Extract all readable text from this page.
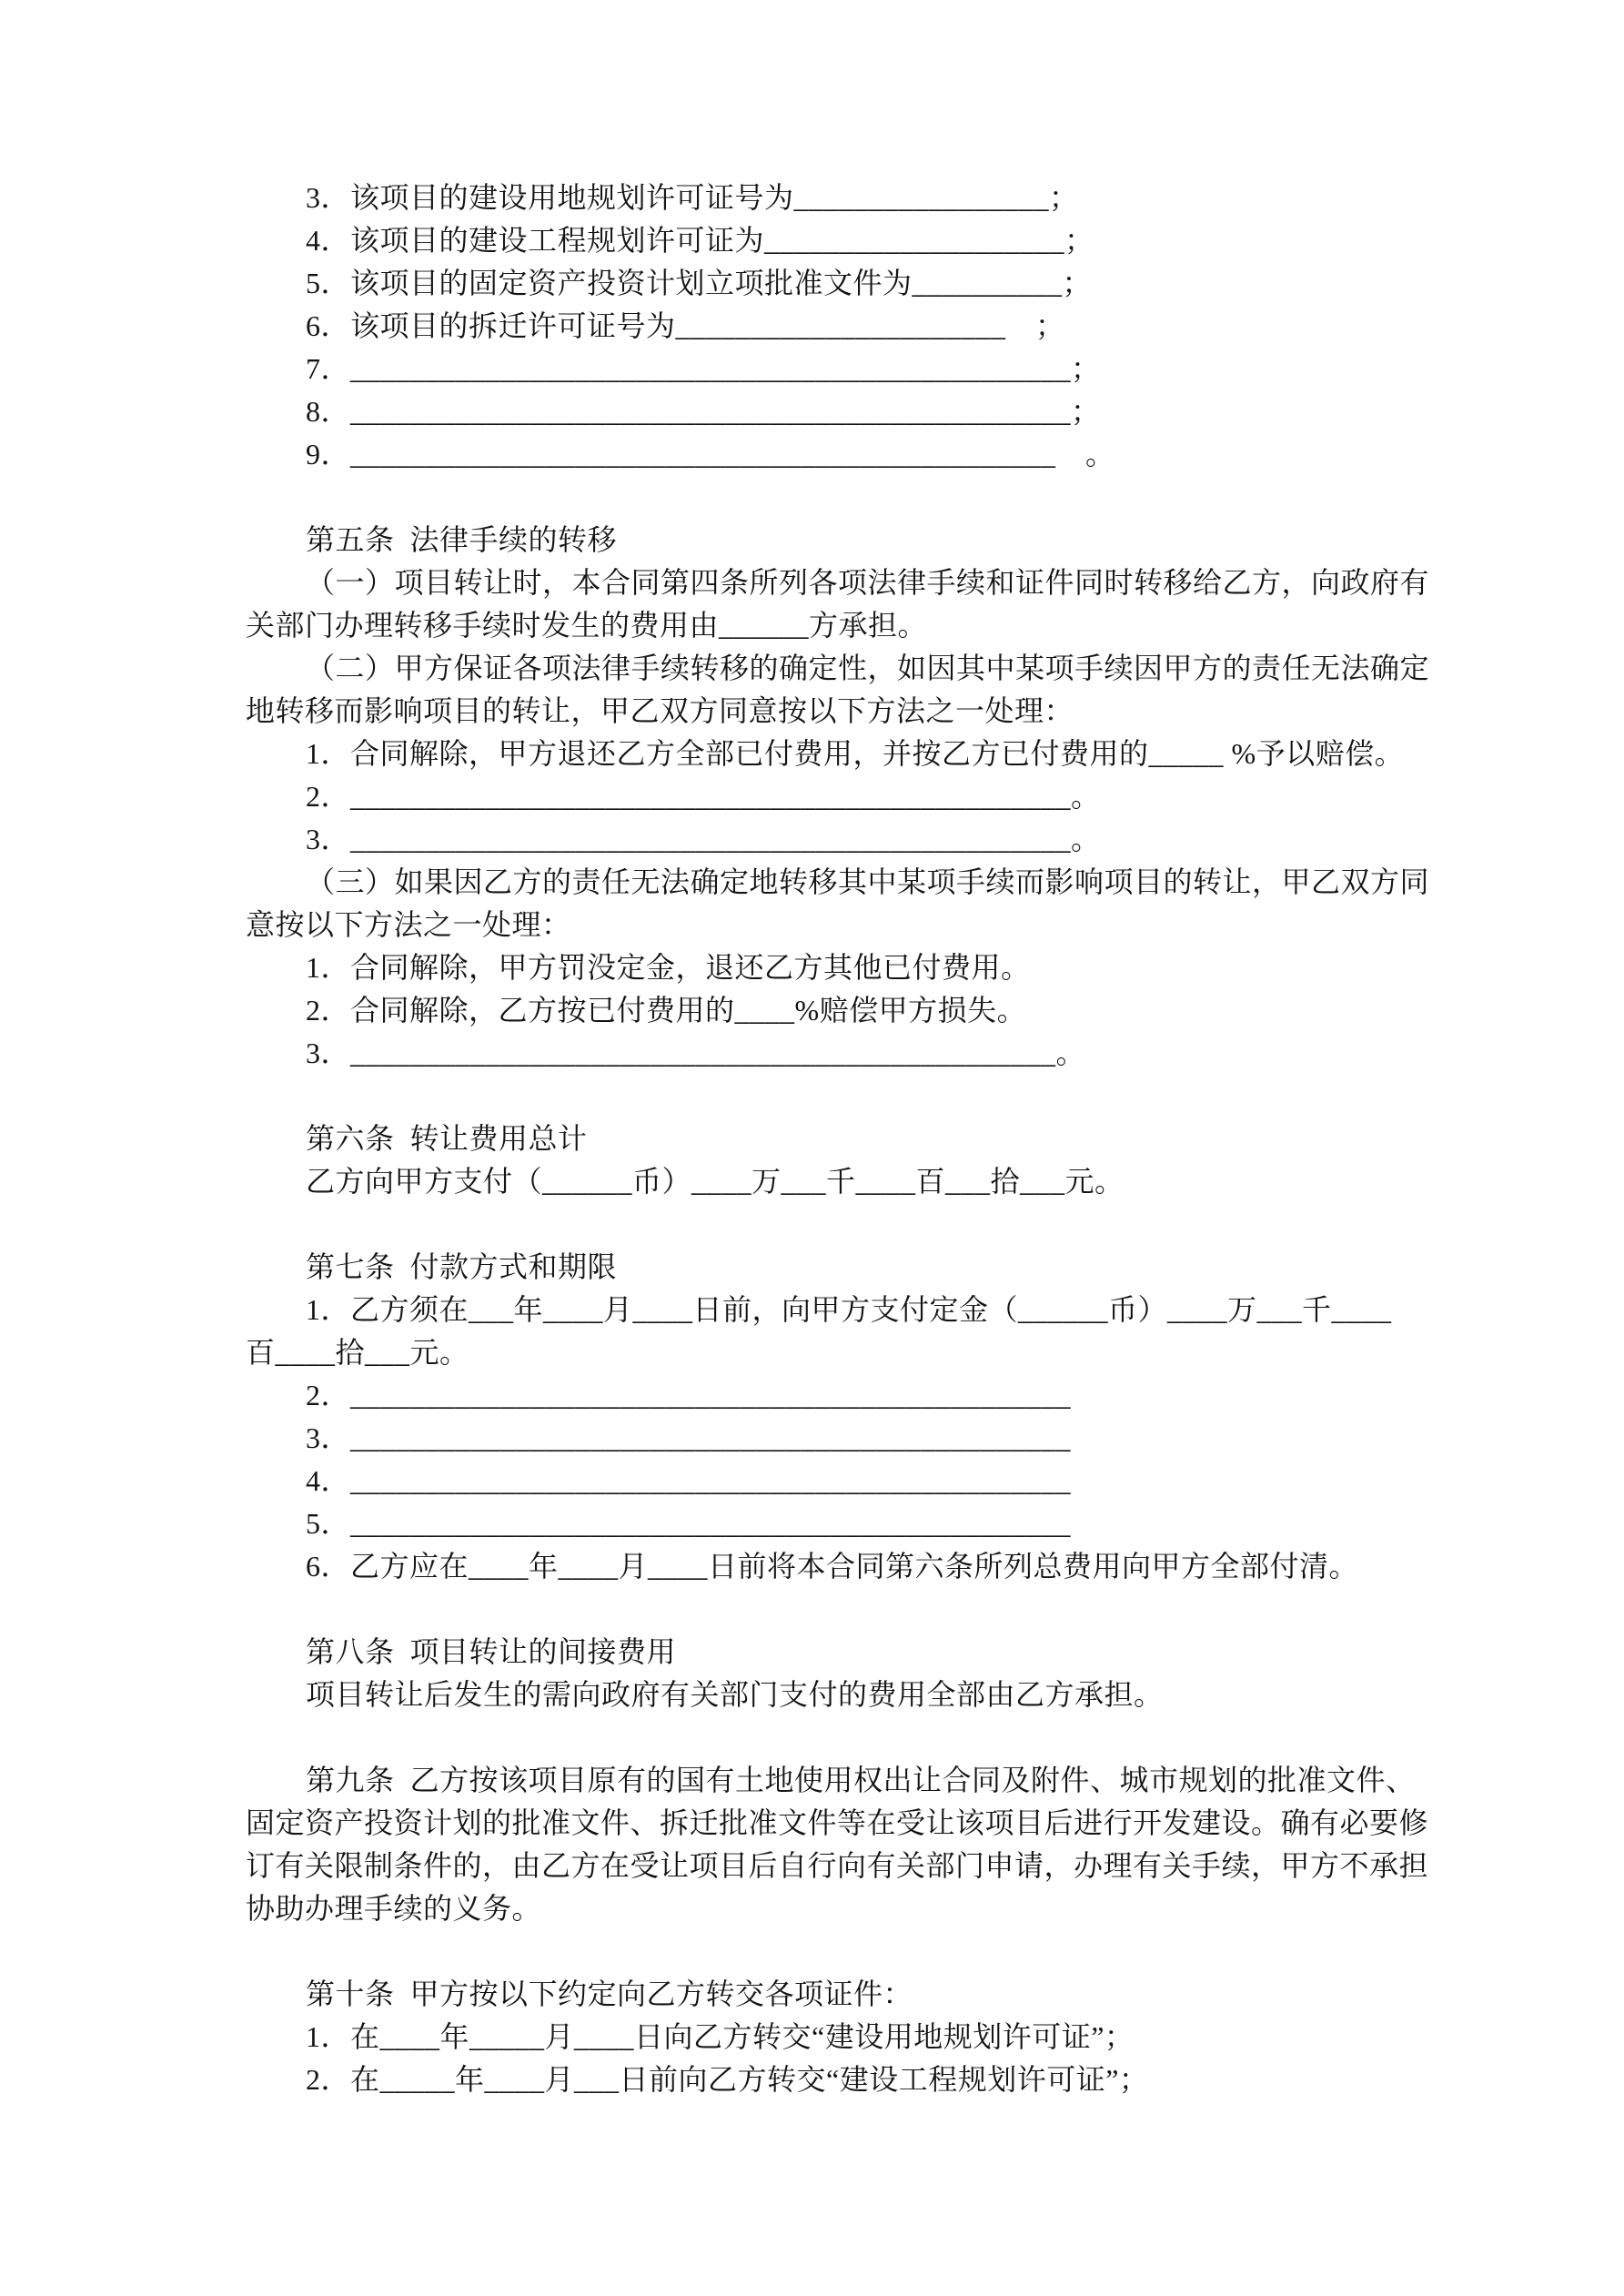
3．该项目的建设用地规划许可证号为_________________；
4．该项目的建设工程规划许可证为____________________；
5．该项目的固定资产投资计划立项批准文件为__________；
6．该项目的拆迁许可证号为______________________　；
7．________________________________________________；
8．________________________________________________；
9．_______________________________________________　。
第五条  法律手续的转移
（一）项目转让时，本合同第四条所列各项法律手续和证件同时转移给乙方，向政府有
关部门办理转移手续时发生的费用由______方承担。
（二）甲方保证各项法律手续转移的确定性，如因其中某项手续因甲方的责任无法确定
地转移而影响项目的转让，甲乙双方同意按以下方法之一处理：
1．合同解除，甲方退还乙方全部已付费用，并按乙方已付费用的_____ %予以赔偿。
2．________________________________________________。
3．________________________________________________。
（三）如果因乙方的责任无法确定地转移其中某项手续而影响项目的转让，甲乙双方同
意按以下方法之一处理：
1．合同解除，甲方罚没定金，退还乙方其他已付费用。
2．合同解除，乙方按已付费用的____%赔偿甲方损失。
3．_______________________________________________。
第六条  转让费用总计
乙方向甲方支付（______币）____万___千____百___拾___元。
第七条  付款方式和期限
1．乙方须在___年____月____日前，向甲方支付定金（______币）____万___千____
百____拾___元。
2．________________________________________________
3．________________________________________________
4．________________________________________________
5．________________________________________________
6．乙方应在____年____月____日前将本合同第六条所列总费用向甲方全部付清。
第八条  项目转让的间接费用
项目转让后发生的需向政府有关部门支付的费用全部由乙方承担。
第九条  乙方按该项目原有的国有土地使用权出让合同及附件、城市规划的批准文件、
固定资产投资计划的批准文件、拆迁批准文件等在受让该项目后进行开发建设。确有必要修
订有关限制条件的，由乙方在受让项目后自行向有关部门申请，办理有关手续，甲方不承担
协助办理手续的义务。
第十条  甲方按以下约定向乙方转交各项证件：
1．在____年_____月____日向乙方转交“建设用地规划许可证”；
2．在_____年____月___日前向乙方转交“建设工程规划许可证”；
